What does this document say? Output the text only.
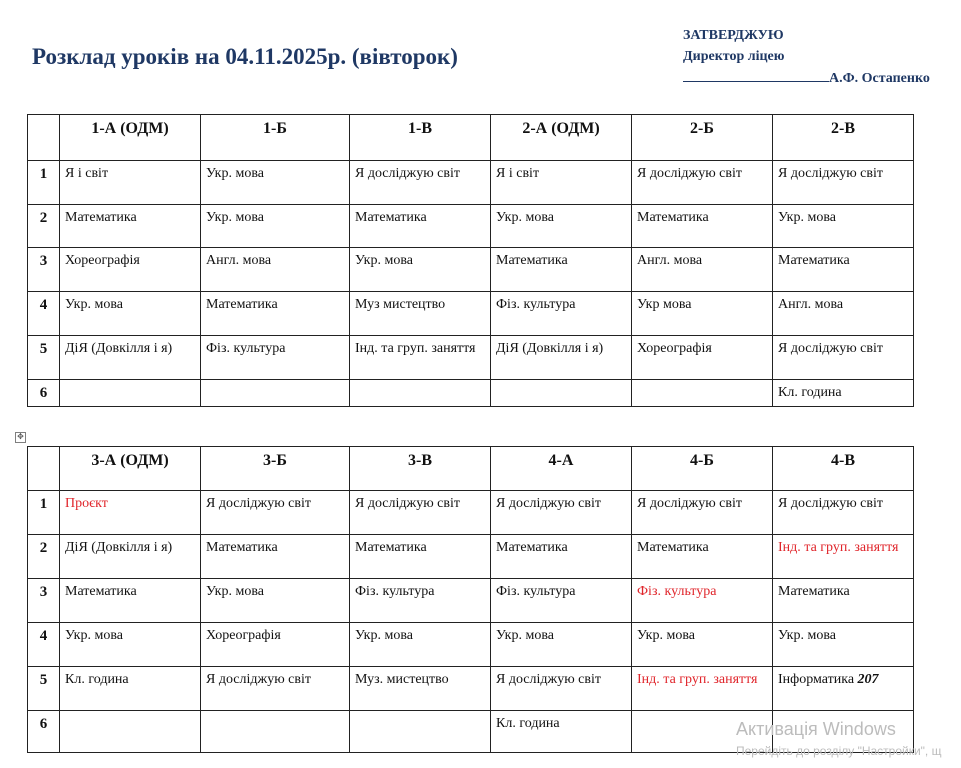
Розклад уроків на 04.11.2025р. (вівторок)
ЗАТВЕРДЖУЮ
Директор ліцею
А.Ф. Остапенко
	1-А (ОДМ)	1-Б	1-В	2-А (ОДМ)	2-Б	2-В
1	Я і світ	Укр. мова	Я досліджую світ	Я і світ	Я досліджую світ	Я досліджую світ
2	Математика	Укр. мова	Математика	Укр. мова	Математика	Укр. мова
3	Хореографія	Англ. мова	Укр. мова	Математика	Англ. мова	Математика
4	Укр. мова	Математика	Муз мистецтво	Фіз. культура	Укр мова	Англ. мова
5	ДіЯ (Довкілля і я)	Фіз. культура	Інд. та груп. заняття	ДіЯ (Довкілля і я)	Хореографія	Я досліджую світ
6						Кл. година
✥
	3-А (ОДМ)	3-Б	3-В	4-А	4-Б	4-В
1	Проєкт	Я досліджую світ	Я досліджую світ	Я досліджую світ	Я досліджую світ	Я досліджую світ
2	ДіЯ (Довкілля і я)	Математика	Математика	Математика	Математика	Інд. та груп. заняття
3	Математика	Укр. мова	Фіз. культура	Фіз. культура	Фіз. культура	Математика
4	Укр. мова	Хореографія	Укр. мова	Укр. мова	Укр. мова	Укр. мова
5	Кл. година	Я досліджую світ	Муз. мистецтво	Я досліджую світ	Інд. та груп. заняття	Інформатика 207
6				Кл. година			Активація Windows
Перейдіть до розділу "Настройки", щ
